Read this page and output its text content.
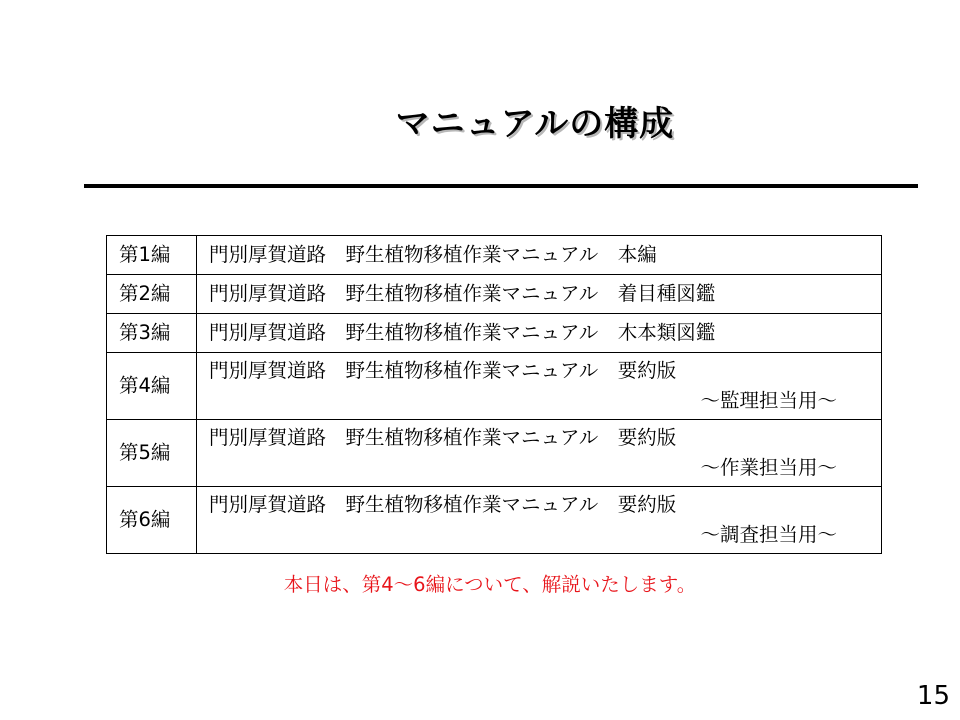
マニュアルの構成
第1編	門別厚賀道路　野生植物移植作業マニュアル　本編
第2編	門別厚賀道路　野生植物移植作業マニュアル　着目種図鑑
第3編	門別厚賀道路　野生植物移植作業マニュアル　木本類図鑑
第4編	門別厚賀道路　野生植物移植作業マニュアル　要約版
～監理担当用～

第5編	門別厚賀道路　野生植物移植作業マニュアル　要約版
～作業担当用～

第6編	門別厚賀道路　野生植物移植作業マニュアル　要約版
～調査担当用～
本日は、第4～6編について、解説いたします。
15
